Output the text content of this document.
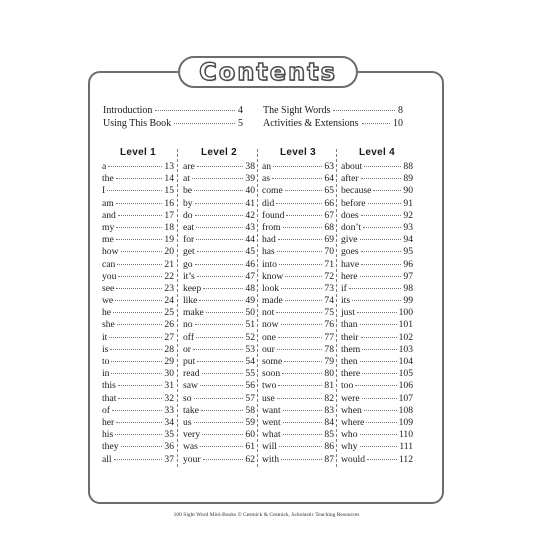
Contents
Introduction	4
Using This Book	5
The Sight Words	8
Activities & Extensions	10
Level 1
a	13
the	14
I	15
am	16
and	17
my	18
me	19
how	20
can	21
you	22
see	23
we	24
he	25
she	26
it	27
is	28
to	29
in	30
this	31
that	32
of	33
her	34
his	35
they	36
all	37
Level 2
are	38
at	39
be	40
by	41
do	42
eat	43
for	44
get	45
go	46
it’s	47
keep	48
like	49
make	50
no	51
off	52
or	53
put	54
read	55
saw	56
so	57
take	58
us	59
very	60
was	61
your	62
Level 3
an	63
as	64
come	65
did	66
found	67
from	68
had	69
has	70
into	71
know	72
look	73
made	74
not	75
now	76
one	77
our	78
some	79
soon	80
two	81
use	82
want	83
went	84
what	85
will	86
with	87
Level 4
about	88
after	89
because	90
before	91
does	92
don’t	93
give	94
goes	95
have	96
here	97
if	98
its	99
just	100
than	101
their	102
them	103
then	104
there	105
too	106
were	107
when	108
where	109
who	110
why	111
would	112
100 Sight Word Mini-Books © Cestnick & Cestnick, Scholastic Teaching Resources
